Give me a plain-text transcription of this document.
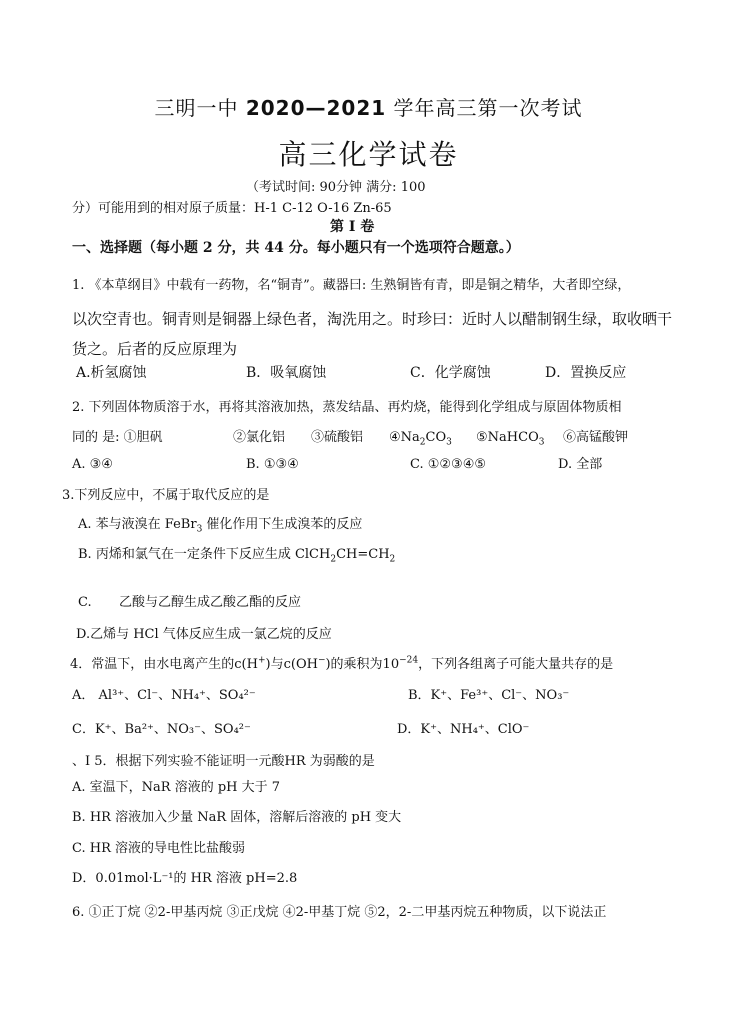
三明一中 2020—2021 学年高三第一次考试
高三化学试卷
（考试时间: 90分钟 满分: 100
分）可能用到的相对原子质量：H-1 C-12 O-16 Zn-65
第 I 卷
一、选择题（每小题 2 分，共 44 分。每小题只有一个选项符合题意。）
1. 《本草纲目》中载有一药物，名“铜青”。藏器曰: 生熟铜皆有青，即是铜之精华，大者即空绿，
以次空青也。铜青则是铜器上绿色者，淘洗用之。时珍曰：近时人以醋制钢生绿，取收晒干
货之。后者的反应原理为
A.析氢腐蚀	B．吸氧腐蚀	C．化学腐蚀	D．置换反应
2. 下列固体物质溶于水，再将其溶液加热，蒸发结晶、再灼烧，能得到化学组成与原固体物质相
同的 是: ①胆矾	②氯化铝 ③硫酸铝 $④Na_2CO_3$ ⑤NaHCO$_3$ ⑥高锰酸钾
A. ③④	B. ①③④	C. ①②③④⑤	D. 全部
3.下列反应中，不属于取代反应的是
A. 苯与液溴在 FeBr$_3$ 催化作用下生成溴苯的反应
B. 丙烯和氯气在一定条件下反应生成 $ClCH_2CH=CH_2$
C. 乙酸与乙醇生成乙酸乙酯的反应
D.乙烯与 HCl 气体反应生成一氯乙烷的反应
4．常温下，由水电离产生的c(H+)与c(OH−)的乘积为$10^{-24}$，下列各组离子可能大量共存的是
A． Al³⁺、Cl⁻、NH₄⁺、SO₄²⁻	B．K⁺、Fe³⁺、Cl⁻、NO₃⁻
C．K⁺、Ba²⁺、NO₃⁻、SO₄²⁻	D．K⁺、NH₄⁺、ClO⁻
、Ⅰ 5．根据下列实验不能证明一元酸HR 为弱酸的是
A. 室温下，NaR 溶液的 pH 大于 7
B. HR 溶液加入少量 NaR 固体，溶解后溶液的 pH 变大
C. HR 溶液的导电性比盐酸弱
D．0.01mol·L⁻¹的 HR 溶液 pH=2.8
6. ①正丁烷 ②2-甲基丙烷 ③正戊烷 ④2-甲基丁烷 ⑤2，2-二甲基丙烷五种物质，以下说法正
